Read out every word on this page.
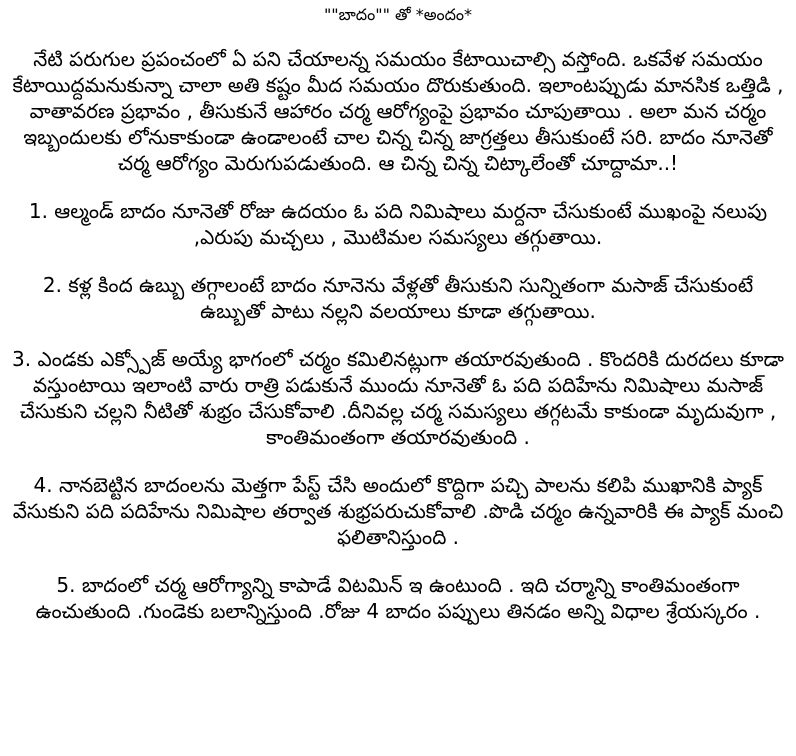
""బాదం"" తో *అందం*
నేటి పరుగుల ప్రపంచంలో ఏ పని చేయాలన్న సమయం కేటాయిచాల్సి వస్తోంది. ఒకవేళ సమయం కేటాయిద్దమనుకున్నా చాలా అతి కష్టం మీద సమయం దొరుకుతుంది. ఇలాంటప్పుడు మానసిక ఒత్తిడి , వాతావరణ ప్రభావం , తీసుకునే ఆహారం చర్మ ఆరోగ్యంపై ప్రభావం చూపుతాయి . అలా మన చర్మం ఇబ్బందులకు లోనుకాకుండా ఉండాలంటే చాల చిన్న చిన్న జాగ్రత్తలు తీసుకుంటే సరి. బాదం నూనెతో చర్మ ఆరోగ్యం మెరుగుపడుతుంది. ఆ చిన్న చిన్న చిట్కాలేంతో చూద్దామా..!
1. ఆల్మండ్ బాదం నూనెతో రోజు ఉదయం ఓ పది నిమిషాలు మర్దనా చేసుకుంటే ముఖంపై నలుపు ,ఎరుపు మచ్చలు , మొటిమల సమస్యలు తగ్గుతాయి.
2. కళ్ల కింద ఉబ్బు తగ్గాలంటే బాదం నూనెను వేళ్లతో తీసుకుని సున్నితంగా మసాజ్ చేసుకుంటే ఉబ్బుతో పాటు నల్లని వలయాలు కూడా తగ్గుతాయి.
3. ఎండకు ఎక్స్పోజ్ అయ్యే భాగంలో చర్మం కమిలినట్లుగా తయారవుతుంది . కొందరికి దురదలు కూడా వస్తుంటాయి ఇలాంటి వారు రాత్రి పడుకునే ముందు నూనెతో ఓ పది పదిహేను నిమిషాలు మసాజ్ చేసుకుని చల్లని నీటితో శుభ్రం చేసుకోవాలి .దీనివల్ల చర్మ సమస్యలు తగ్గటమే కాకుండా మృదువుగా , కాంతిమంతంగా తయారవుతుంది .
4. నానబెట్టిన బాదంలను మెత్తగా పేస్ట్ చేసి అందులో కొద్దిగా పచ్చి పాలను కలిపి ముఖానికి ప్యాక్ వేసుకుని పది పదిహేను నిమిషాల తర్వాత శుభ్రపరుచుకోవాలి .పొడి చర్మం ఉన్నవారికి ఈ ప్యాక్ మంచి ఫలితానిస్తుంది .
5. బాదంలో చర్మ ఆరోగ్యాన్ని కాపాడే విటమిన్ ఇ ఉంటుంది . ఇది చర్మాన్ని కాంతిమంతంగా ఉంచుతుంది .గుండెకు బలాన్నిస్తుంది .రోజు 4 బాదం పప్పులు తినడం అన్ని విధాల శ్రేయస్కరం .
